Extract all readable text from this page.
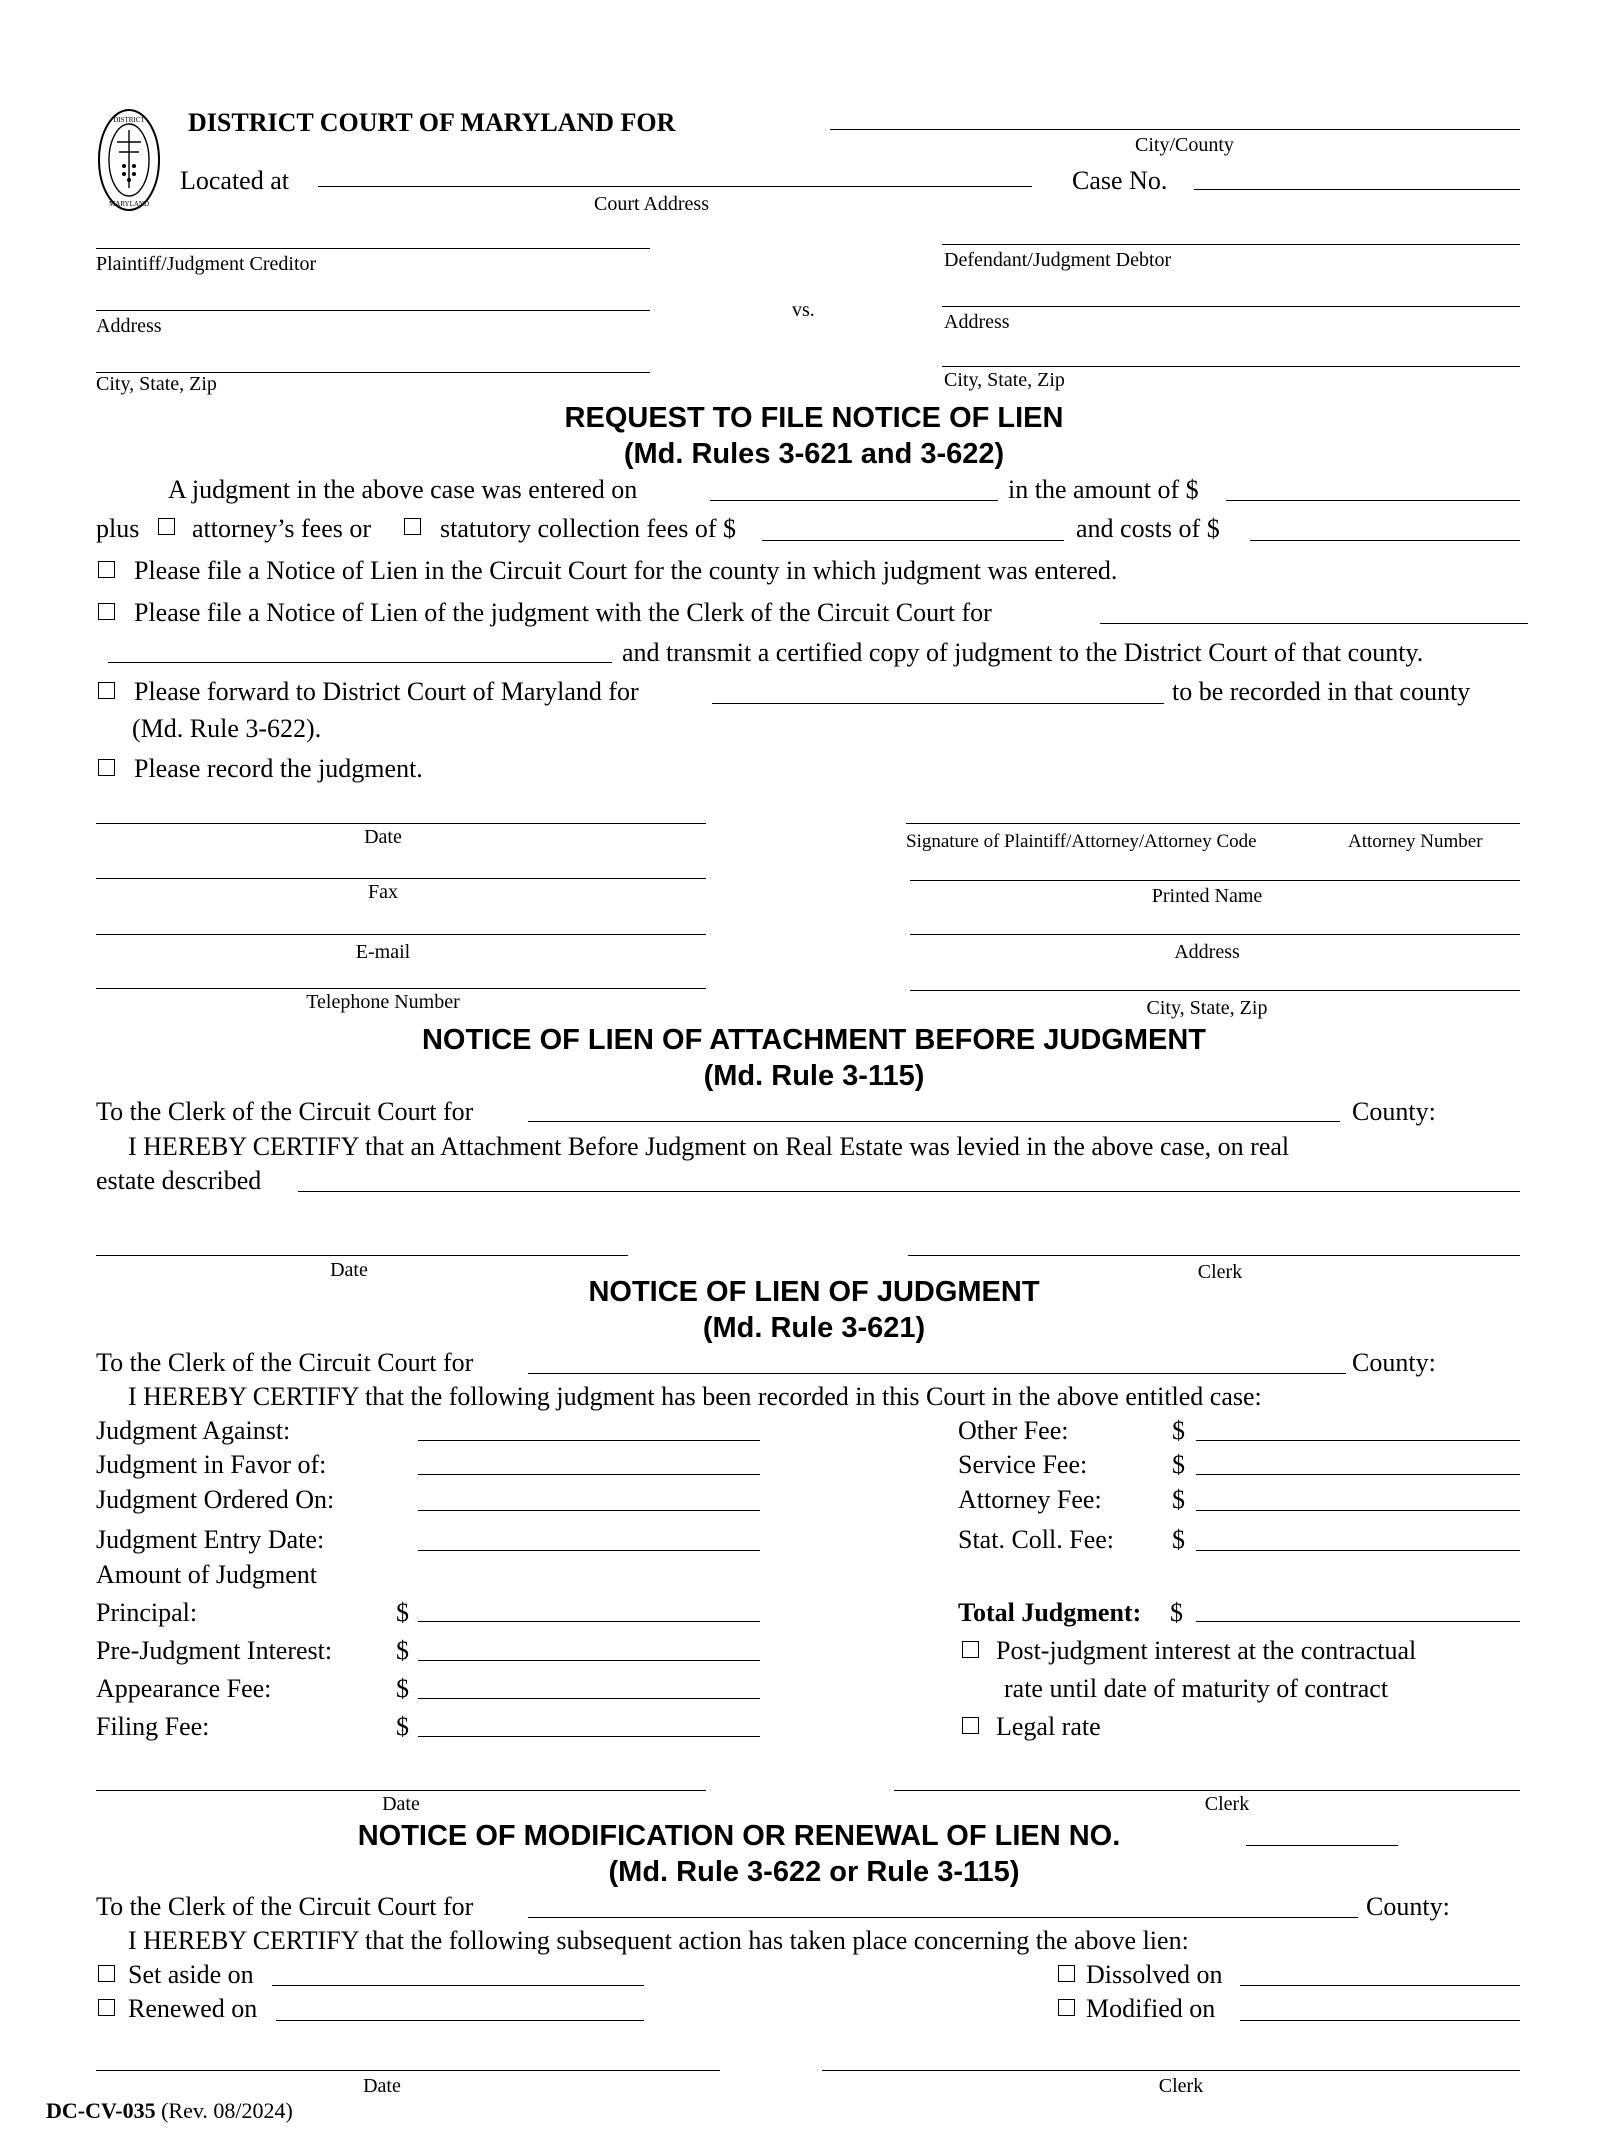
DISTRICT
MARYLAND
DISTRICT COURT OF MARYLAND FOR
City/County
Located at
Court Address
Case No.
Plaintiff/Judgment Creditor
Address
City, State, Zip
vs.
Defendant/Judgment Debtor
Address
City, State, Zip
REQUEST TO FILE NOTICE OF LIEN
(Md. Rules 3-621 and 3-622)
A judgment in the above case was entered on	in the amount of $
plus attorney’s fees or	statutory collection fees of $	and costs of $
Please file a Notice of Lien in the Circuit Court for the county in which judgment was entered.
Please file a Notice of Lien of the judgment with the Clerk of the Circuit Court for
and transmit a certified copy of judgment to the District Court of that county.
Please forward to District Court of Maryland for	to be recorded in that county
(Md. Rule 3-622).
Please record the judgment.
Date
Fax
E-mail
Telephone Number
Signature of Plaintiff/Attorney/Attorney Code	Attorney Number
Printed Name
Address
City, State, Zip
NOTICE OF LIEN OF ATTACHMENT BEFORE JUDGMENT
(Md. Rule 3-115)
To the Clerk of the Circuit Court for	County:
I HEREBY CERTIFY that an Attachment Before Judgment on Real Estate was levied in the above case, on real
estate described
Date	Clerk
NOTICE OF LIEN OF JUDGMENT
(Md. Rule 3-621)
To the Clerk of the Circuit Court for	County:
I HEREBY CERTIFY that the following judgment has been recorded in this Court in the above entitled case:
Judgment Against:
Judgment in Favor of:
Judgment Ordered On:
Judgment Entry Date:
Amount of Judgment
Principal:	$
Pre-Judgment Interest: $
Appearance Fee:	$
Filing Fee:	$
Other Fee:	$
Service Fee:	$
Attorney Fee:	$
Stat. Coll. Fee: $
Total Judgment: $
Post-judgment interest at the contractual
rate until date of maturity of contract
Legal rate
Date	Clerk
NOTICE OF MODIFICATION OR RENEWAL OF LIEN NO.
(Md. Rule 3-622 or Rule 3-115)
To the Clerk of the Circuit Court for	County:
I HEREBY CERTIFY that the following subsequent action has taken place concerning the above lien:
Set aside on
Renewed on
Dissolved on
Modified on
Date	Clerk
DC-CV-035 (Rev. 08/2024)
